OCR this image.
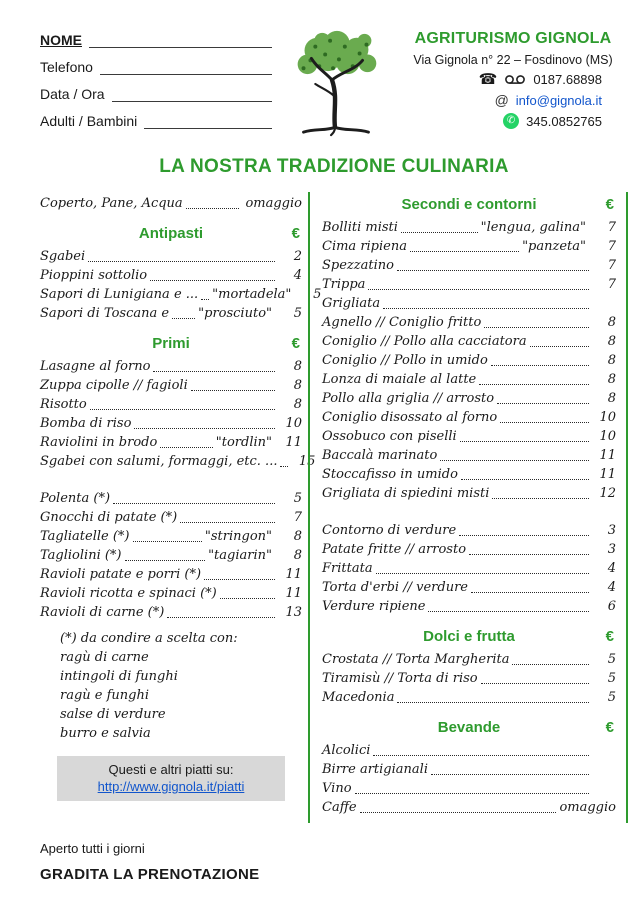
NOME
Telefono
Data / Ora
Adulti / Bambini
AGRITURISMO GIGNOLA
Via Gignola n° 22 – Fosdinovo (MS)
☎	0187.68898
@ info@gignola.it
✆ 345.0852765
LA NOSTRA TRADIZIONE CULINARIA
Coperto, Pane, Acqua	omaggio
Antipasti	€
Sgabei	2
Pioppini sottolio	4
Sapori di Lunigiana e ... "mortadela"	5
Sapori di Toscana e "prosciuto"	5
Primi	€
Lasagne al forno	8
Zuppa cipolle // fagioli	8
Risotto	8
Bomba di riso	10
Raviolini in brodo	"tordlin"	11
Sgabei con salumi, formaggi, etc. ...	15
Polenta (*)	5
Gnocchi di patate (*)	7
Tagliatelle (*)	"stringon"	8
Tagliolini (*)	"tagiarin"	8
Ravioli patate e porri (*)	11
Ravioli ricotta e spinaci (*)	11
Ravioli di carne (*)	13
(*) da condire a scelta con:
ragù di carne
intingoli di funghi
ragù e funghi
salse di verdure
burro e salvia
Questi e altri piatti su:
http://www.gignola.it/piatti
Secondi e contorni	€
Bolliti misti	"lengua, galina"	7
Cima ripiena	"panzeta"	7
Spezzatino	7
Trippa	7
Grigliata
Agnello // Coniglio fritto	8
Coniglio // Pollo alla cacciatora	8
Coniglio // Pollo in umido	8
Lonza di maiale al latte	8
Pollo alla griglia // arrosto	8
Coniglio disossato al forno	10
Ossobuco con piselli	10
Baccalà marinato	11
Stoccafisso in umido	11
Grigliata di spiedini misti	12
Contorno di verdure	3
Patate fritte // arrosto	3
Frittata	4
Torta d'erbi // verdure	4
Verdure ripiene	6
Dolci e frutta	€
Crostata // Torta Margherita	5
Tiramisù // Torta di riso	5
Macedonia	5
Bevande	€
Alcolici
Birre artigianali
Vino
Caffe	omaggio
Aperto tutti i giorni
GRADITA LA PRENOTAZIONE
